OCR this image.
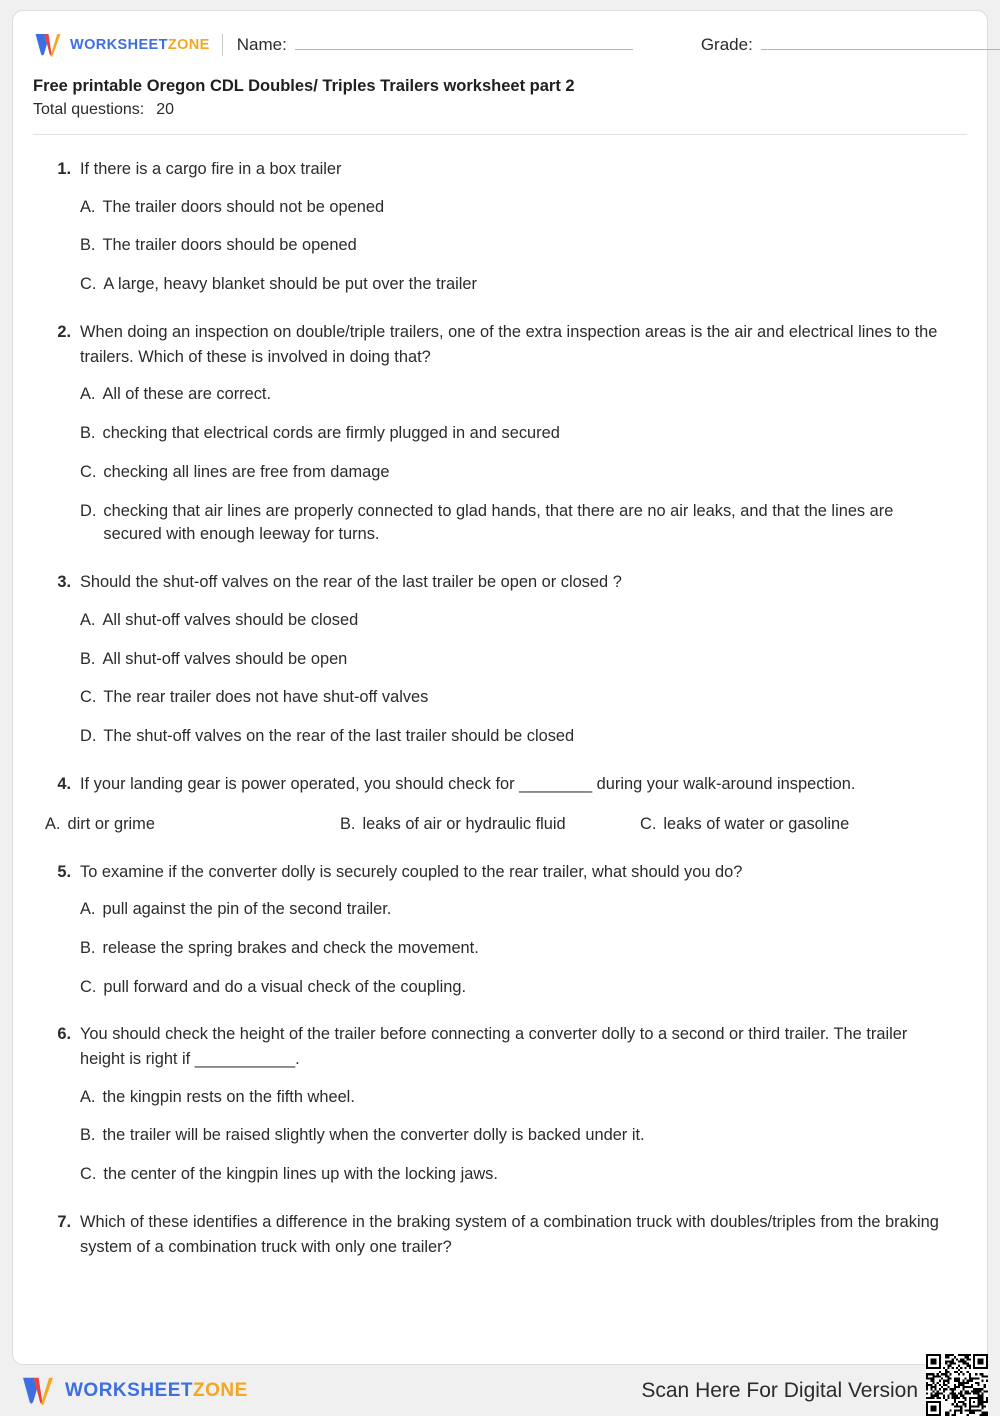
WORKSHEETZONE Name:	Grade:
Free printable Oregon CDL Doubles/ Triples Trailers worksheet part 2
Total questions: 20
1. If there is a cargo fire in a box trailer
A. The trailer doors should not be opened
B. The trailer doors should be opened
C. A large, heavy blanket should be put over the trailer
2. When doing an inspection on double/triple trailers, one of the extra inspection areas is the air and electrical lines to the trailers. Which of these is involved in doing that?
A. All of these are correct.
B. checking that electrical cords are firmly plugged in and secured
C. checking all lines are free from damage
D. checking that air lines are properly connected to glad hands, that there are no air leaks, and that the lines are secured with enough leeway for turns.
3. Should the shut-off valves on the rear of the last trailer be open or closed ?
A. All shut-off valves should be closed
B. All shut-off valves should be open
C. The rear trailer does not have shut-off valves
D. The shut-off valves on the rear of the last trailer should be closed
4. If your landing gear is power operated, you should check for ________ during your walk-around inspection.
A. dirt or grime	B. leaks of air or hydraulic fluid	C. leaks of water or gasoline
5. To examine if the converter dolly is securely coupled to the rear trailer, what should you do?
A. pull against the pin of the second trailer.
B. release the spring brakes and check the movement.
C. pull forward and do a visual check of the coupling.
6. You should check the height of the trailer before connecting a converter dolly to a second or third trailer. The trailer height is right if ___________.
A. the kingpin rests on the fifth wheel.
B. the trailer will be raised slightly when the converter dolly is backed under it.
C. the center of the kingpin lines up with the locking jaws.
7. Which of these identifies a difference in the braking system of a combination truck with doubles/triples from the braking system of a combination truck with only one trailer?
WORKSHEETZONE	Scan Here For Digital Version
